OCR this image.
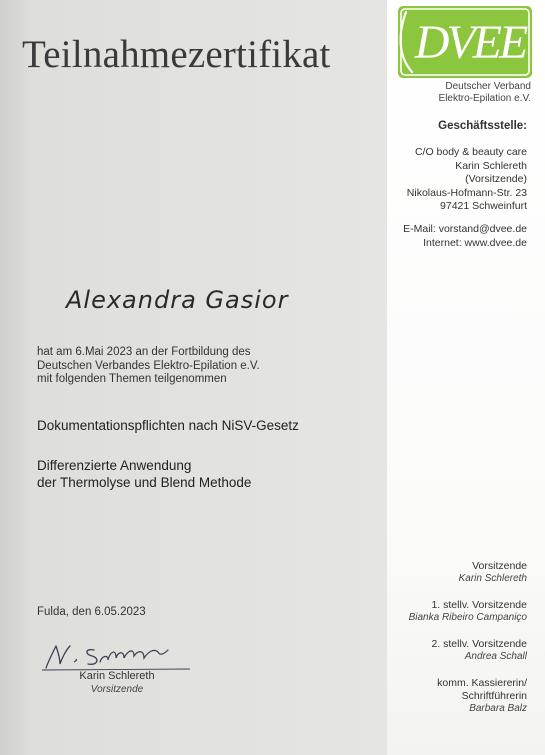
Teilnahmezertifikat DVEE
Deutscher Verband
Elektro-Epilation e.V.
Geschäftsstelle:
C/O body & beauty care
Karin Schlereth
(Vorsitzende)
Nikolaus-Hofmann-Str. 23
97421 Schweinfurt
E-Mail: vorstand@dvee.de
Internet: www.dvee.de
Alexandra Gasior
hat am 6.Mai 2023 an der Fortbildung des
Deutschen Verbandes Elektro-Epilation e.V.
mit folgenden Themen teilgenommen
Dokumentationspflichten nach NiSV-Gesetz
Differenzierte Anwendung
der Thermolyse und Blend Methode
Fulda, den 6.05.2023
Karin Schlereth
Vorsitzende
Vorsitzende
Karin Schlereth
1. stellv. Vorsitzende
Bianka Ribeiro Campaniço
2. stellv. Vorsitzende
Andrea Schall
komm. Kassiererin/
Schriftführerin
Barbara Balz
